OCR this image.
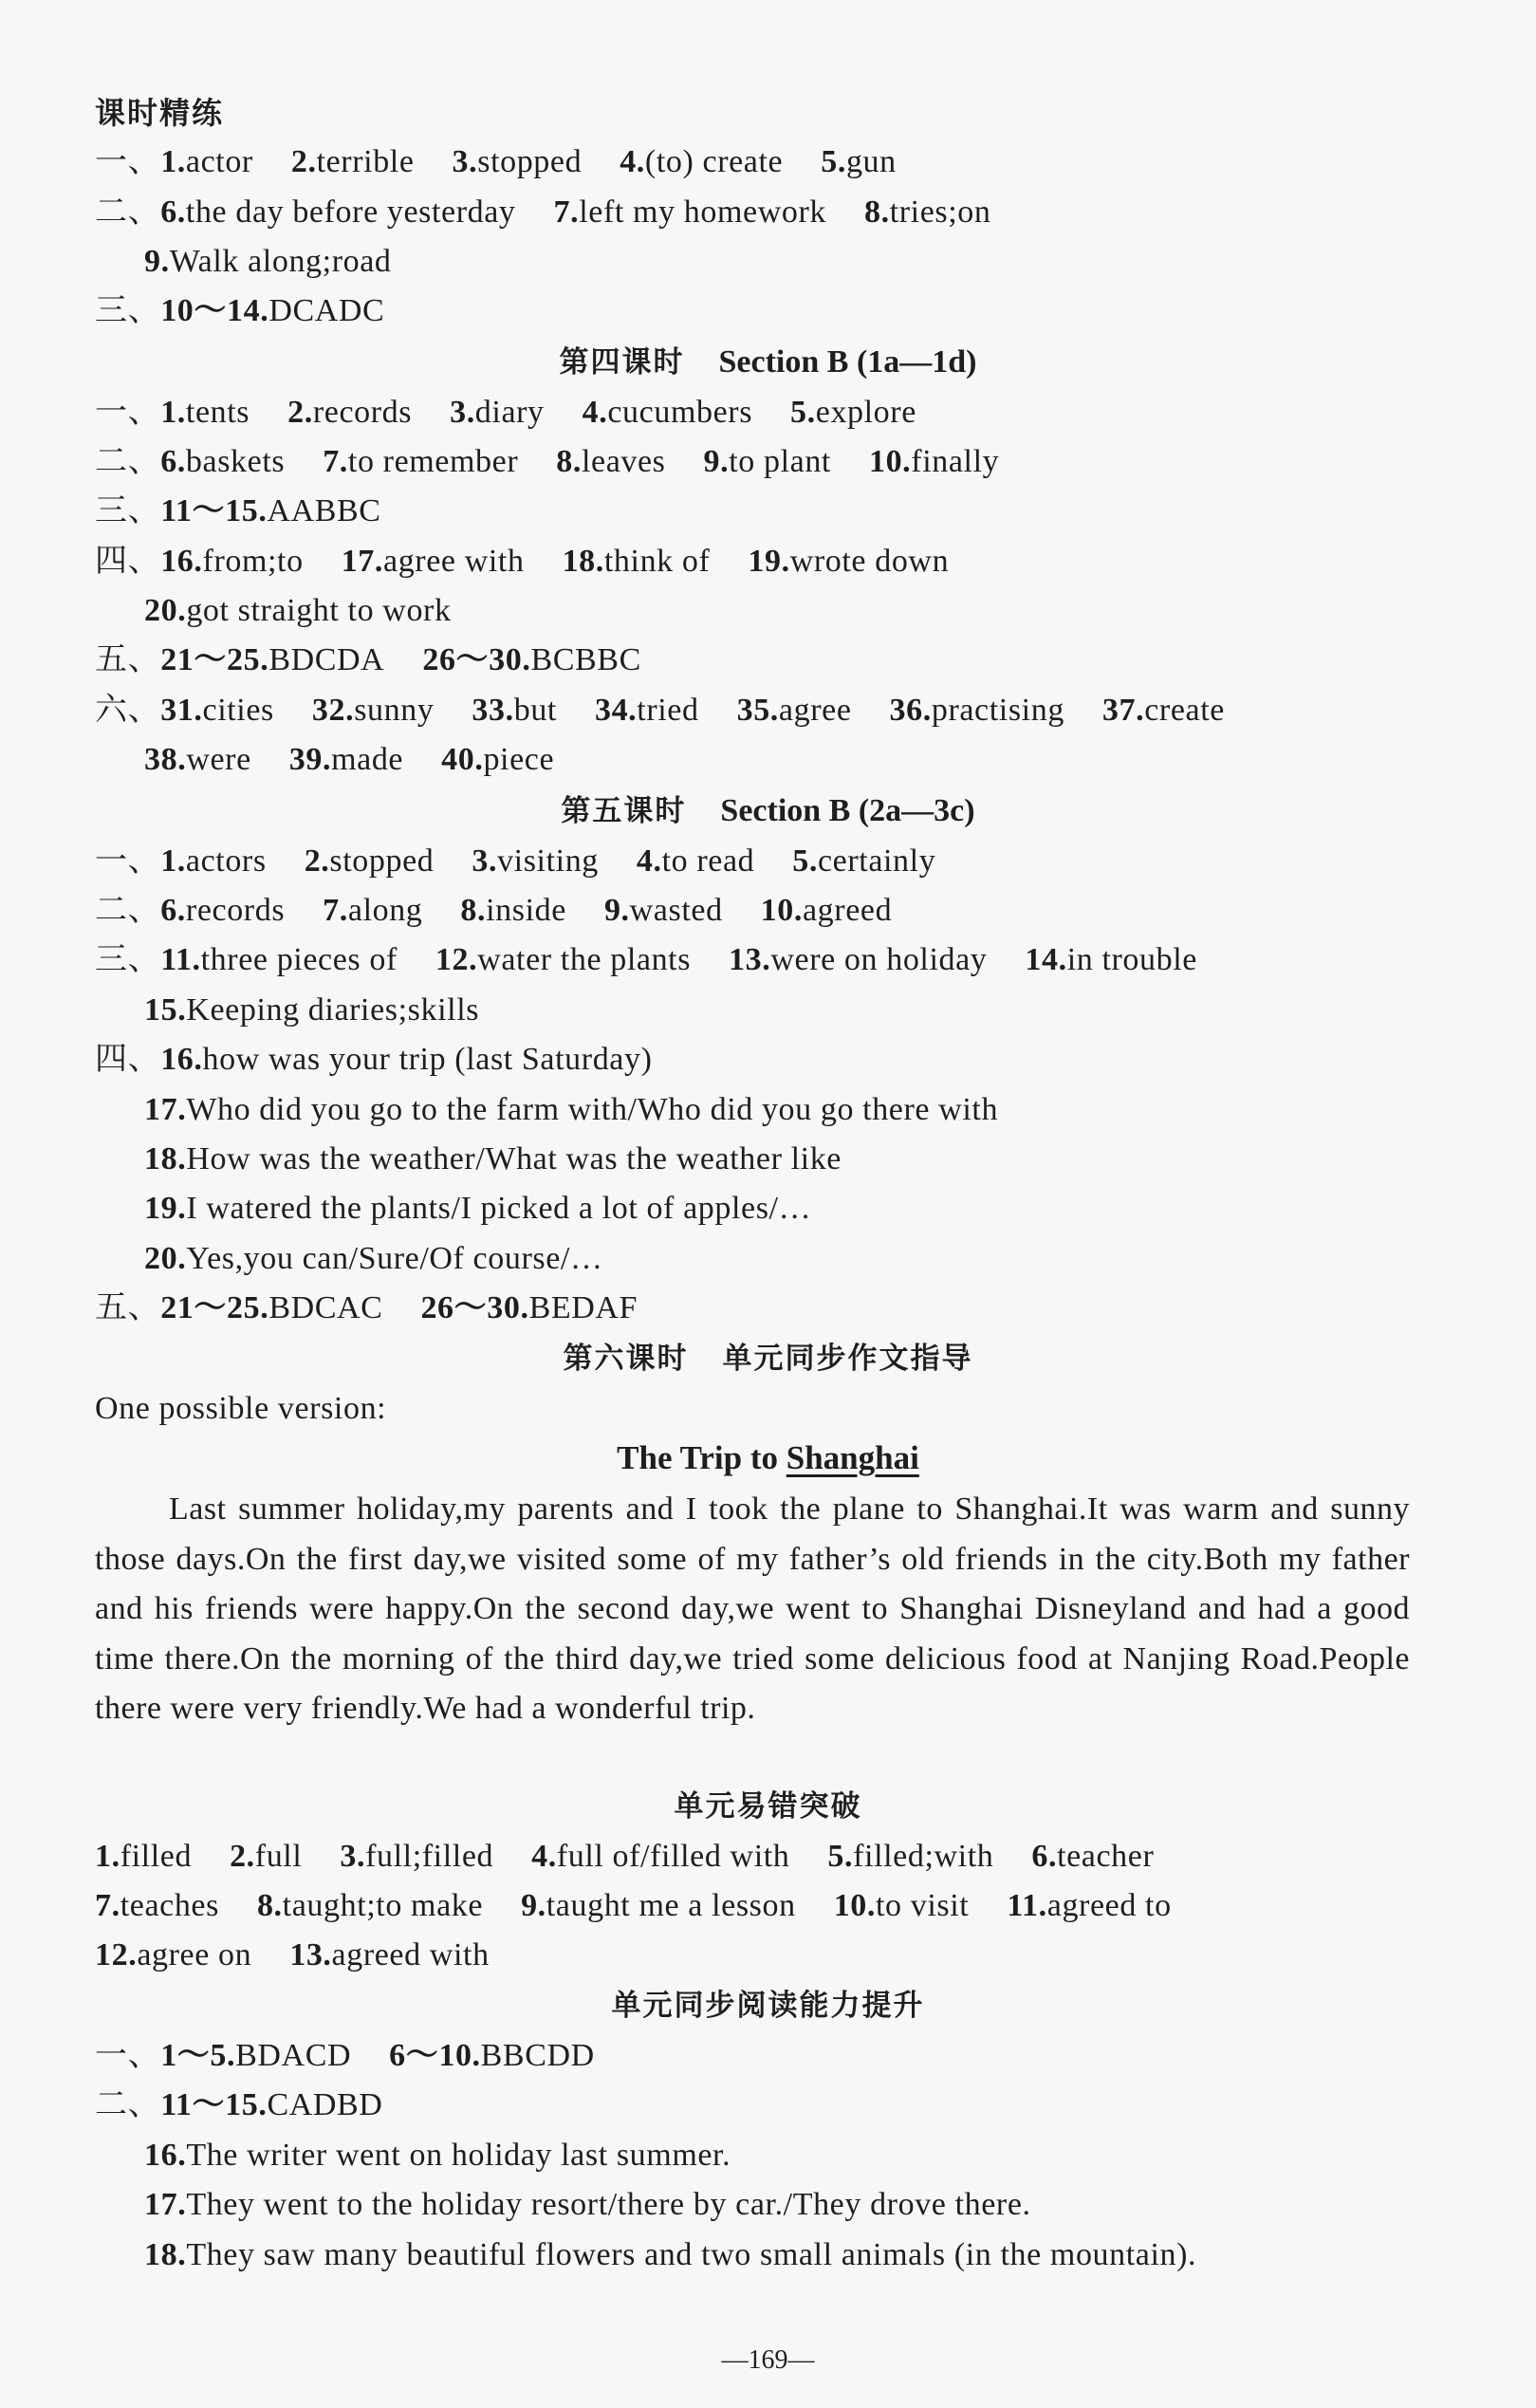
课时精练
一、1.actor 2.terrible 3.stopped 4.(to) create 5.gun
二、6.the day before yesterday 7.left my homework 8.tries;on
9.Walk along;road
三、10～14.DCADC
第四课时 Section B (1a—1d)
一、1.tents 2.records 3.diary 4.cucumbers 5.explore
二、6.baskets 7.to remember 8.leaves 9.to plant 10.finally
三、11～15.AABBC
四、16.from;to 17.agree with 18.think of 19.wrote down
20.got straight to work
五、21～25.BDCDA 26～30.BCBBC
六、31.cities 32.sunny 33.but 34.tried 35.agree 36.practising 37.create
38.were 39.made 40.piece
第五课时 Section B (2a—3c)
一、1.actors 2.stopped 3.visiting 4.to read 5.certainly
二、6.records 7.along 8.inside 9.wasted 10.agreed
三、11.three pieces of 12.water the plants 13.were on holiday 14.in trouble
15.Keeping diaries;skills
四、16.how was your trip (last Saturday)
17.Who did you go to the farm with/Who did you go there with
18.How was the weather/What was the weather like
19.I watered the plants/I picked a lot of apples/…
20.Yes,you can/Sure/Of course/…
五、21～25.BDCAC 26～30.BEDAF
第六课时 单元同步作文指导
One possible version:
The Trip to Shanghai
Last summer holiday,my parents and I took the plane to Shanghai.It was warm and sunny those days.On the first day,we visited some of my father’s old friends in the city.Both my father and his friends were happy.On the second day,we went to Shanghai Disneyland and had a good time there.On the morning of the third day,we tried some delicious food at Nanjing Road.People there were very friendly.We had a wonderful trip.
单元易错突破
1.filled 2.full 3.full;filled 4.full of/filled with 5.filled;with 6.teacher
7.teaches 8.taught;to make 9.taught me a lesson 10.to visit 11.agreed to
12.agree on 13.agreed with
单元同步阅读能力提升
一、1～5.BDACD 6～10.BBCDD
二、11～15.CADBD
16.The writer went on holiday last summer.
17.They went to the holiday resort/there by car./They drove there.
18.They saw many beautiful flowers and two small animals (in the mountain).
—169—
